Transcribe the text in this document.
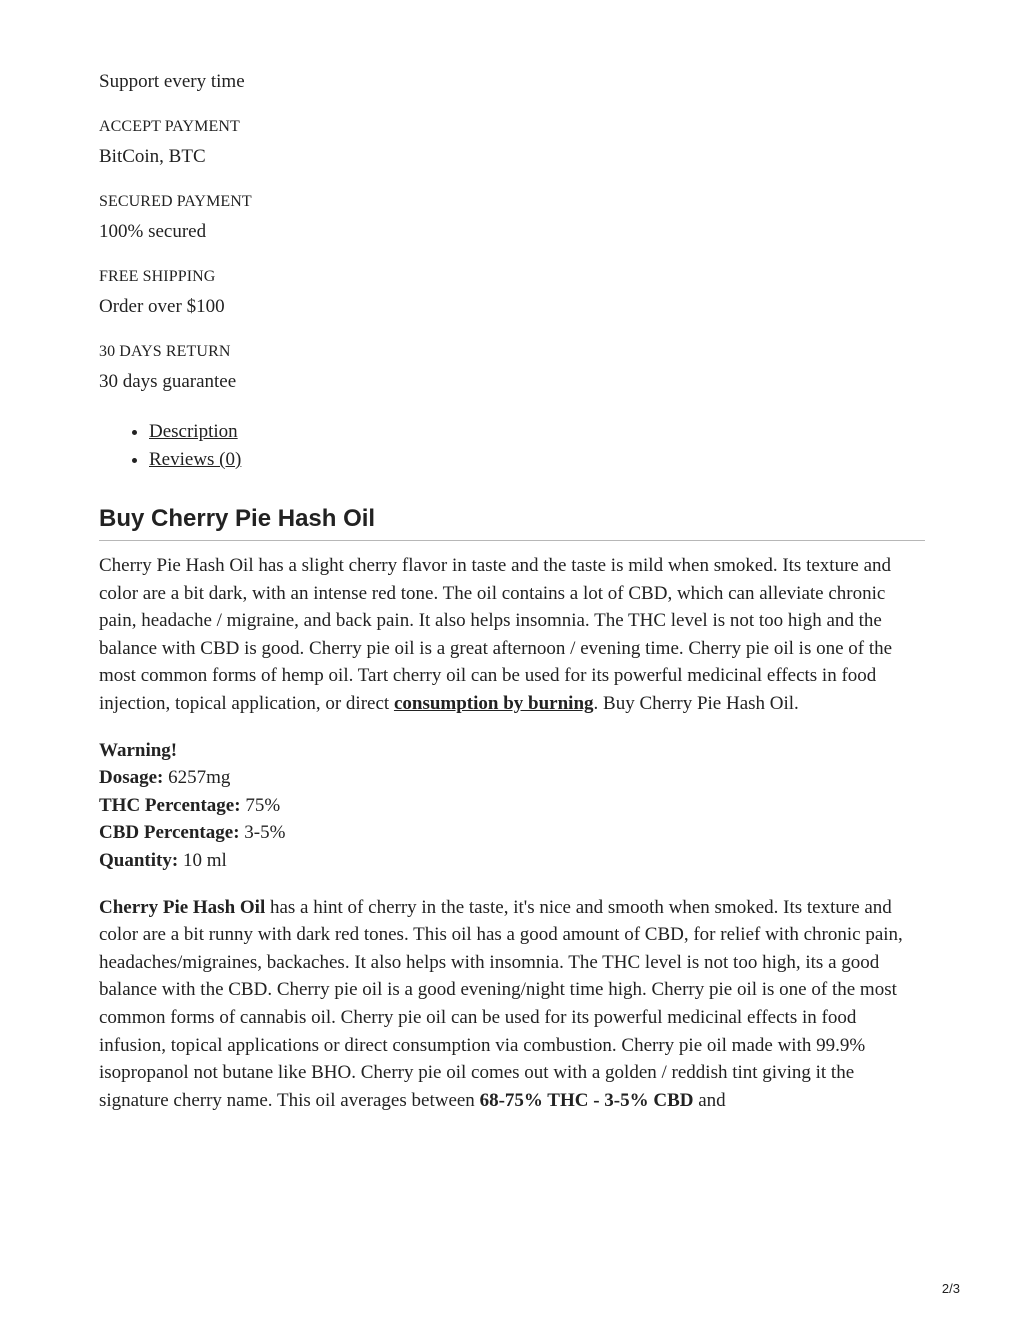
Support every time

ACCEPT PAYMENT

BitCoin, BTC

SECURED PAYMENT

100% secured

FREE SHIPPING

Order over $100

30 DAYS RETURN

30 days guarantee

• Description
• Reviews (0)
Buy Cherry Pie Hash Oil

Cherry Pie Hash Oil has a slight cherry flavor in taste and the taste is mild when smoked. Its texture and color are a bit dark, with an intense red tone. The oil contains a lot of CBD, which can alleviate chronic pain, headache / migraine, and back pain. It also helps insomnia. The THC level is not too high and the balance with CBD is good. Cherry pie oil is a great afternoon / evening time. Cherry pie oil is one of the most common forms of hemp oil. Tart cherry oil can be used for its powerful medicinal effects in food injection, topical application, or direct consumption by burning. Buy Cherry Pie Hash Oil.

Warning!
Dosage: 6257mg
THC Percentage: 75%
CBD Percentage: 3-5%
Quantity: 10 ml

Cherry Pie Hash Oil has a hint of cherry in the taste, it's nice and smooth when smoked. Its texture and color are a bit runny with dark red tones. This oil has a good amount of CBD, for relief with chronic pain, headaches/migraines, backaches. It also helps with insomnia. The THC level is not too high, its a good balance with the CBD. Cherry pie oil is a good evening/night time high. Cherry pie oil is one of the most common forms of cannabis oil. Cherry pie oil can be used for its powerful medicinal effects in food infusion, topical applications or direct consumption via combustion. Cherry pie oil made with 99.9% isopropanol not butane like BHO. Cherry pie oil comes out with a golden / reddish tint giving it the signature cherry name. This oil averages between 68-75% THC - 3-5% CBD and

2/3
